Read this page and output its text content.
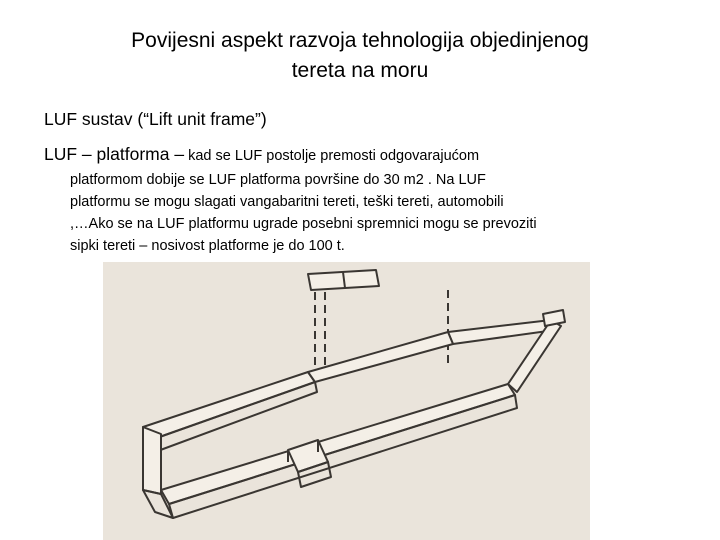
Povijesni aspekt razvoja tehnologija objedinjenog
tereta na moru
LUF sustav (“Lift unit frame”)
LUF – platforma – kad se LUF postolje premosti odgovarajućom
platformom dobije se LUF platforma površine do 30 m2 . Na LUF
platformu se mogu slagati vangabaritni tereti, teški tereti, automobili
,…Ako se na LUF platformu ugrade posebni spremnici mogu se prevoziti
sipki tereti – nosivost platforme je do 100 t.
